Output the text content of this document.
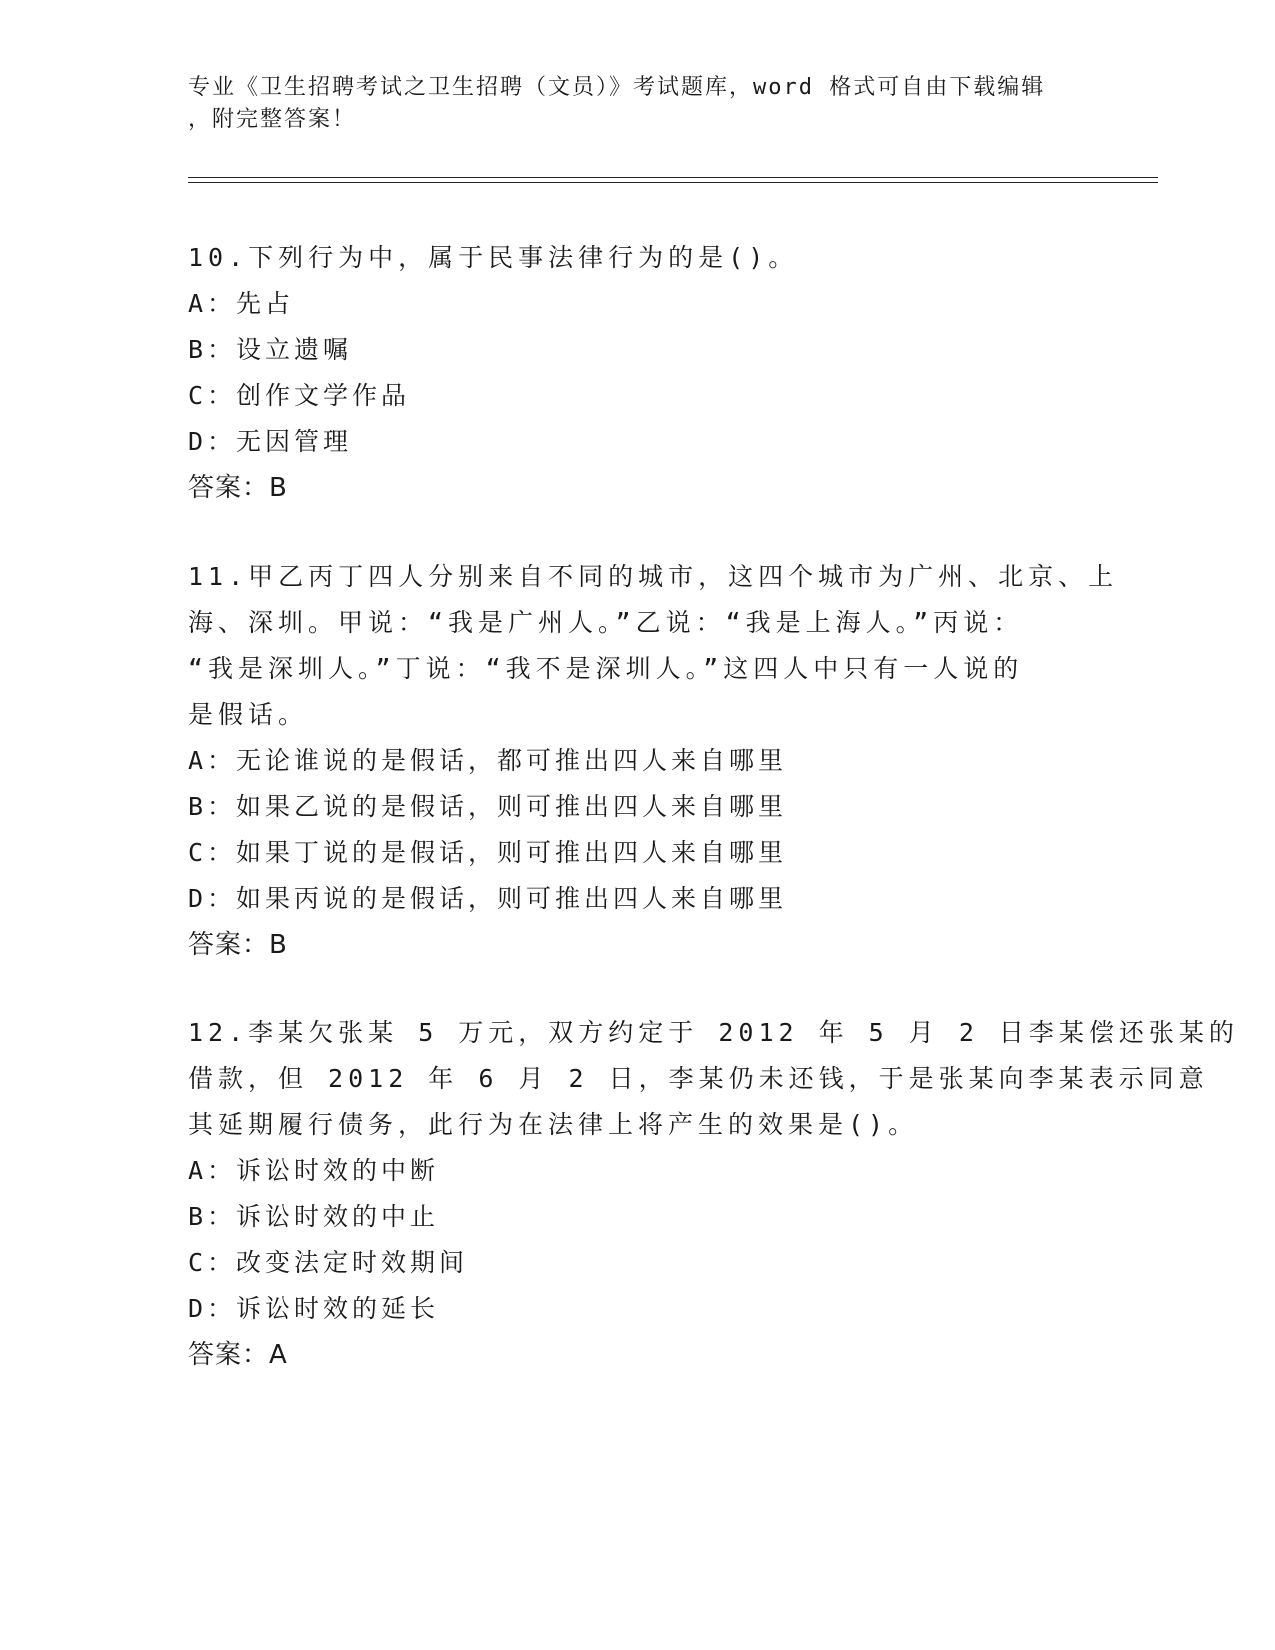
专业《卫生招聘考试之卫生招聘（文员）》考试题库，word 格式可自由下载编辑
，附完整答案！
10.下列行为中，属于民事法律行为的是()。
A：先占
B：设立遗嘱
C：创作文学作品
D：无因管理
答案：B
11.甲乙丙丁四人分别来自不同的城市，这四个城市为广州、北京、上
海、深圳。甲说：“我是广州人。”乙说：“我是上海人。”丙说：
“我是深圳人。”丁说：“我不是深圳人。”这四人中只有一人说的
是假话。
A：无论谁说的是假话，都可推出四人来自哪里
B：如果乙说的是假话，则可推出四人来自哪里
C：如果丁说的是假话，则可推出四人来自哪里
D：如果丙说的是假话，则可推出四人来自哪里
答案：B
12.李某欠张某 5 万元，双方约定于 2012 年 5 月 2 日李某偿还张某的
借款，但 2012 年 6 月 2 日，李某仍未还钱，于是张某向李某表示同意
其延期履行债务，此行为在法律上将产生的效果是()。
A：诉讼时效的中断
B：诉讼时效的中止
C：改变法定时效期间
D：诉讼时效的延长
答案：A
